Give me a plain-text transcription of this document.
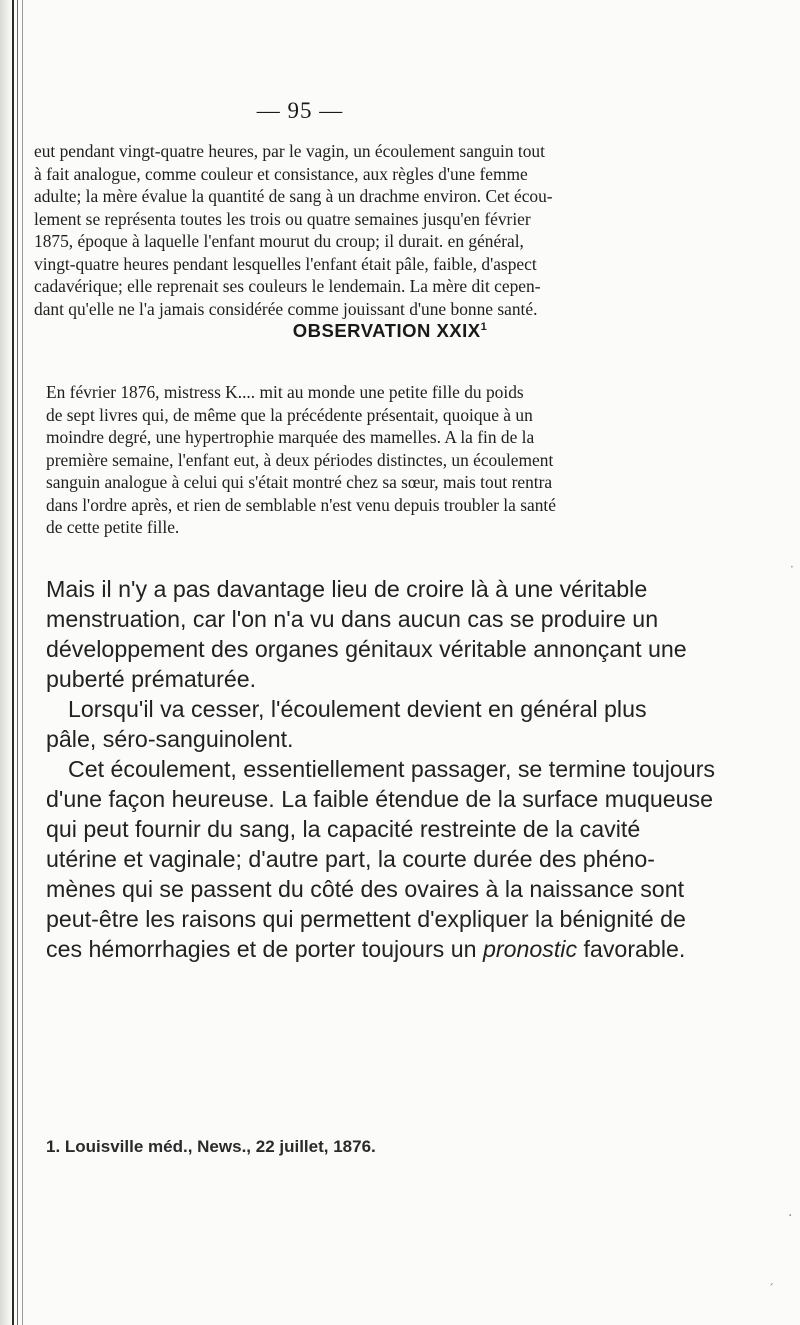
— 95 —
eut pendant vingt-quatre heures, par le vagin, un écoulement sanguin tout
à fait analogue, comme couleur et consistance, aux règles d'une femme
adulte; la mère évalue la quantité de sang à un drachme environ. Cet écou-
lement se représenta toutes les trois ou quatre semaines jusqu'en février
1875, époque à laquelle l'enfant mourut du croup; il durait. en général,
vingt-quatre heures pendant lesquelles l'enfant était pâle, faible, d'aspect
cadavérique; elle reprenait ses couleurs le lendemain. La mère dit cepen-
dant qu'elle ne l'a jamais considérée comme jouissant d'une bonne santé.
OBSERVATION XXIX$^1$
En février 1876, mistress K.... mit au monde une petite fille du poids
de sept livres qui, de même que la précédente présentait, quoique à un
moindre degré, une hypertrophie marquée des mamelles. A la fin de la
première semaine, l'enfant eut, à deux périodes distinctes, un écoulement
sanguin analogue à celui qui s'était montré chez sa sœur, mais tout rentra
dans l'ordre après, et rien de semblable n'est venu depuis troubler la santé
de cette petite fille.
Mais il n'y a pas davantage lieu de croire là à une véritable
menstruation, car l'on n'a vu dans aucun cas se produire un
développement des organes génitaux véritable annonçant une
puberté prématurée.
Lorsqu'il va cesser, l'écoulement devient en général plus
pâle, séro-sanguinolent.
Cet écoulement, essentiellement passager, se termine toujours
d'une façon heureuse. La faible étendue de la surface muqueuse
qui peut fournir du sang, la capacité restreinte de la cavité
utérine et vaginale; d'autre part, la courte durée des phéno-
mènes qui se passent du côté des ovaires à la naissance sont
peut-être les raisons qui permettent d'expliquer la bénignité de
ces hémorrhagies et de porter toujours un pronostic favorable.
1. Louisville méd., News., 22 juillet, 1876.
·
·
´
